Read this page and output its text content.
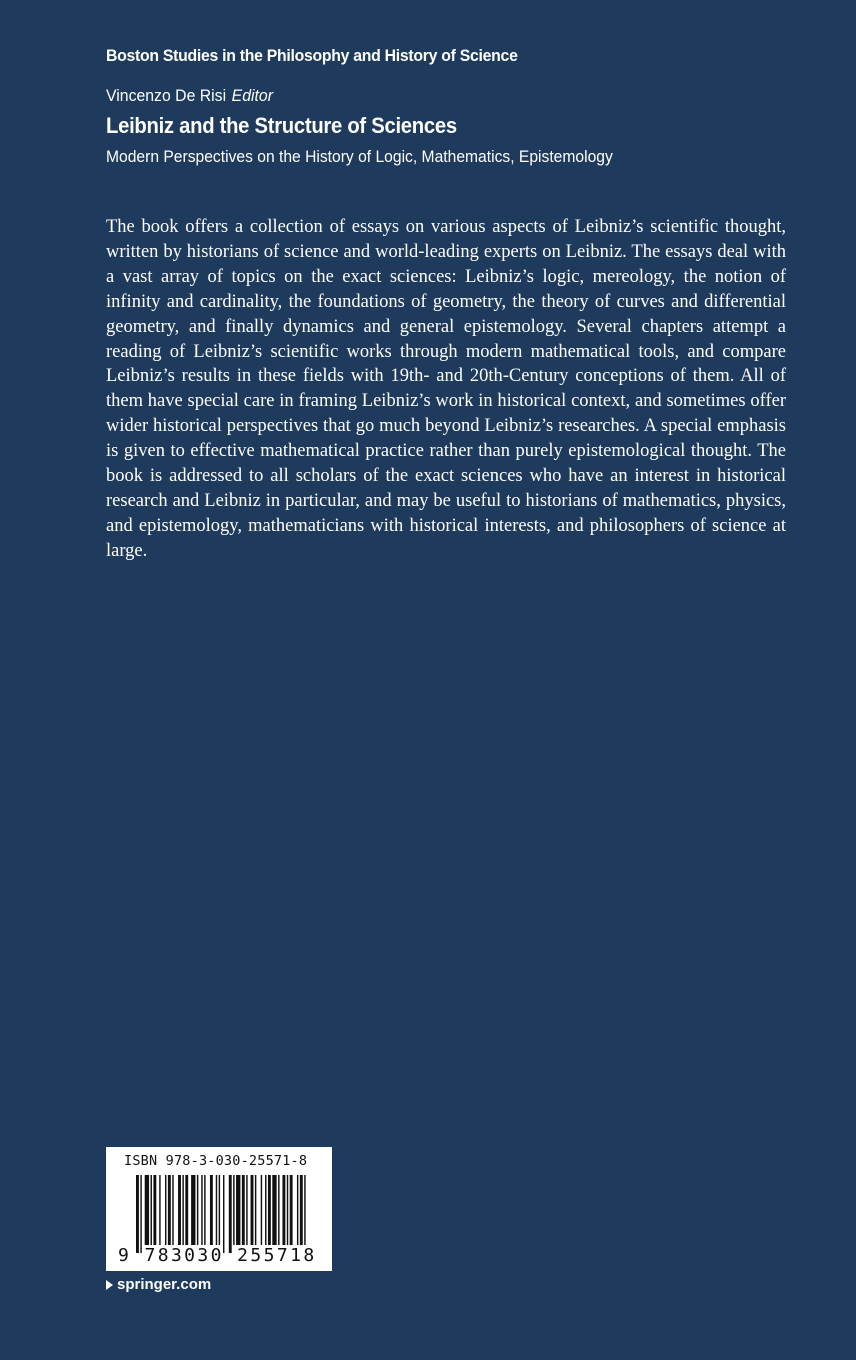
Boston Studies in the Philosophy and History of Science
Vincenzo De Risi Editor
Leibniz and the Structure of Sciences
Modern Perspectives on the History of Logic, Mathematics, Epistemology

The book offers a collection of essays on various aspects of Leibniz’s scientific thought, written by historians of science and world-leading experts on Leibniz. The essays deal with a vast array of topics on the exact sciences: Leibniz’s logic, mereology, the notion of infinity and cardinality, the foundations of geometry, the theory of curves and differential geometry, and finally dynamics and general epistemology. Several chapters attempt a reading of Leibniz’s scientific works through modern mathematical tools, and compare Leibniz’s results in these fields with 19th- and 20th-Century conceptions of them. All of them have special care in framing Leibniz’s work in historical context, and sometimes offer wider historical perspectives that go much beyond Leibniz’s researches. A special emphasis is given to effective mathematical practice rather than purely epistemological thought. The book is addressed to all scholars of the exact sciences who have an interest in historical research and Leibniz in particular, and may be useful to historians of mathematics, physics, and epistemology, mathematicians with historical interests, and philosophers of science at large.

ISBN 978-3-030-25571-8
9 783030 255718
springer.com
